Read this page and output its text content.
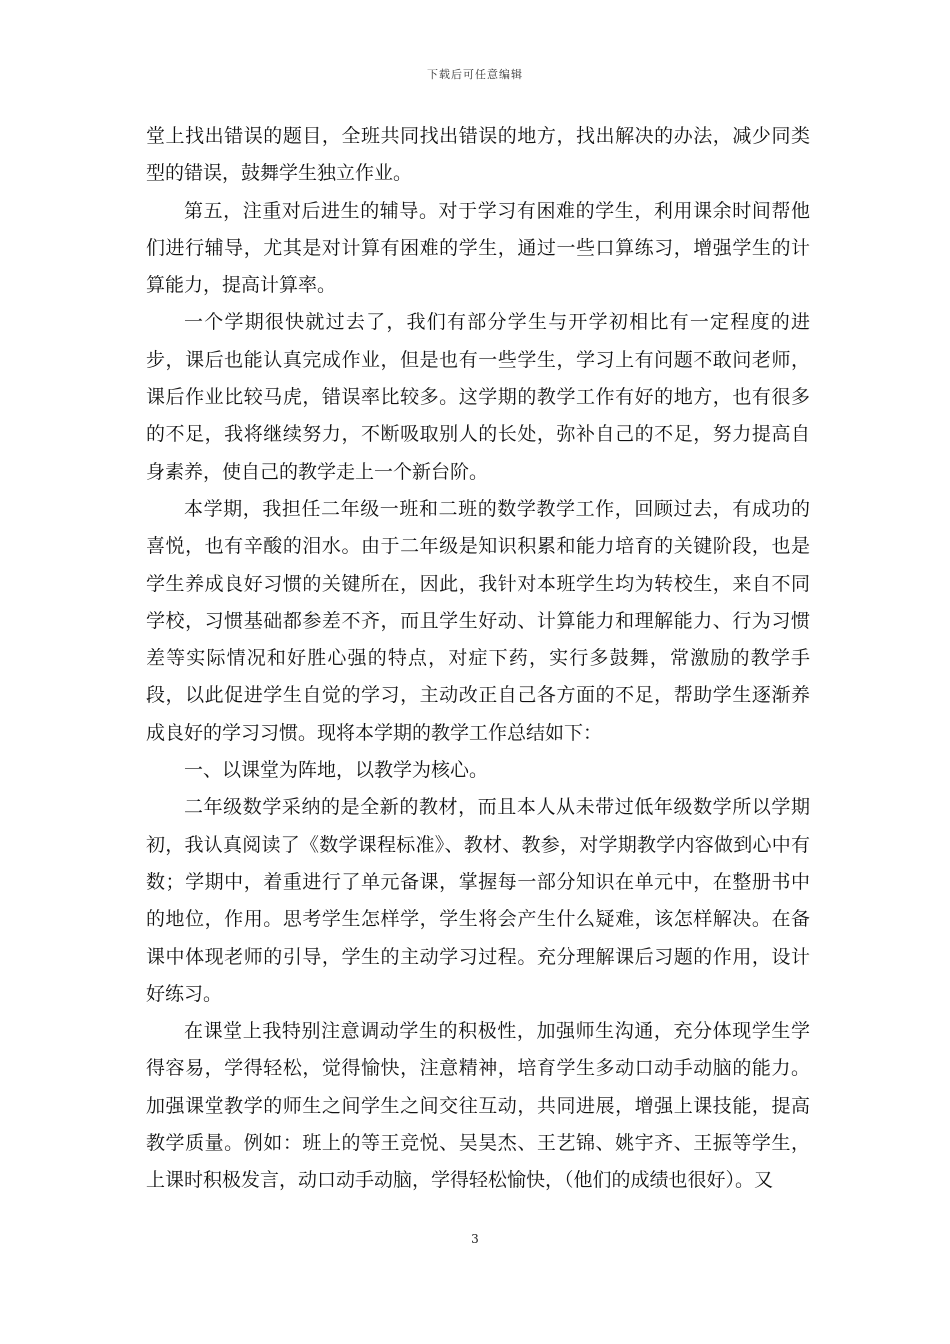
下载后可任意编辑

堂上找出错误的题目，全班共同找出错误的地方，找出解决的办法，减少同类型的错误，鼓舞学生独立作业。

第五，注重对后进生的辅导。对于学习有困难的学生，利用课余时间帮他们进行辅导，尤其是对计算有困难的学生，通过一些口算练习，增强学生的计算能力，提高计算率。

一个学期很快就过去了，我们有部分学生与开学初相比有一定程度的进步，课后也能认真完成作业，但是也有一些学生，学习上有问题不敢问老师，课后作业比较马虎，错误率比较多。这学期的教学工作有好的地方，也有很多的不足，我将继续努力，不断吸取别人的长处，弥补自己的不足，努力提高自身素养，使自己的教学走上一个新台阶。

本学期，我担任二年级一班和二班的数学教学工作，回顾过去，有成功的喜悦，也有辛酸的泪水。由于二年级是知识积累和能力培育的关键阶段，也是学生养成良好习惯的关键所在，因此，我针对本班学生均为转校生，来自不同学校，习惯基础都参差不齐，而且学生好动、计算能力和理解能力、行为习惯差等实际情况和好胜心强的特点，对症下药，实行多鼓舞，常激励的教学手段，以此促进学生自觉的学习，主动改正自己各方面的不足，帮助学生逐渐养成良好的学习习惯。现将本学期的教学工作总结如下：

一、以课堂为阵地，以教学为核心。

二年级数学采纳的是全新的教材，而且本人从未带过低年级数学所以学期初，我认真阅读了《数学课程标准》、教材、教参，对学期教学内容做到心中有数；学期中，着重进行了单元备课，掌握每一部分知识在单元中，在整册书中的地位，作用。思考学生怎样学，学生将会产生什么疑难，该怎样解决。在备课中体现老师的引导，学生的主动学习过程。充分理解课后习题的作用，设计好练习。

在课堂上我特别注意调动学生的积极性，加强师生沟通，充分体现学生学得容易，学得轻松，觉得愉快，注意精神，培育学生多动口动手动脑的能力。加强课堂教学的师生之间学生之间交往互动，共同进展，增强上课技能，提高教学质量。例如：班上的等王竞悦、吴昊杰、王艺锦、姚宇齐、王振等学生，上课时积极发言，动口动手动脑，学得轻松愉快，（他们的成绩也很好）。又

3
